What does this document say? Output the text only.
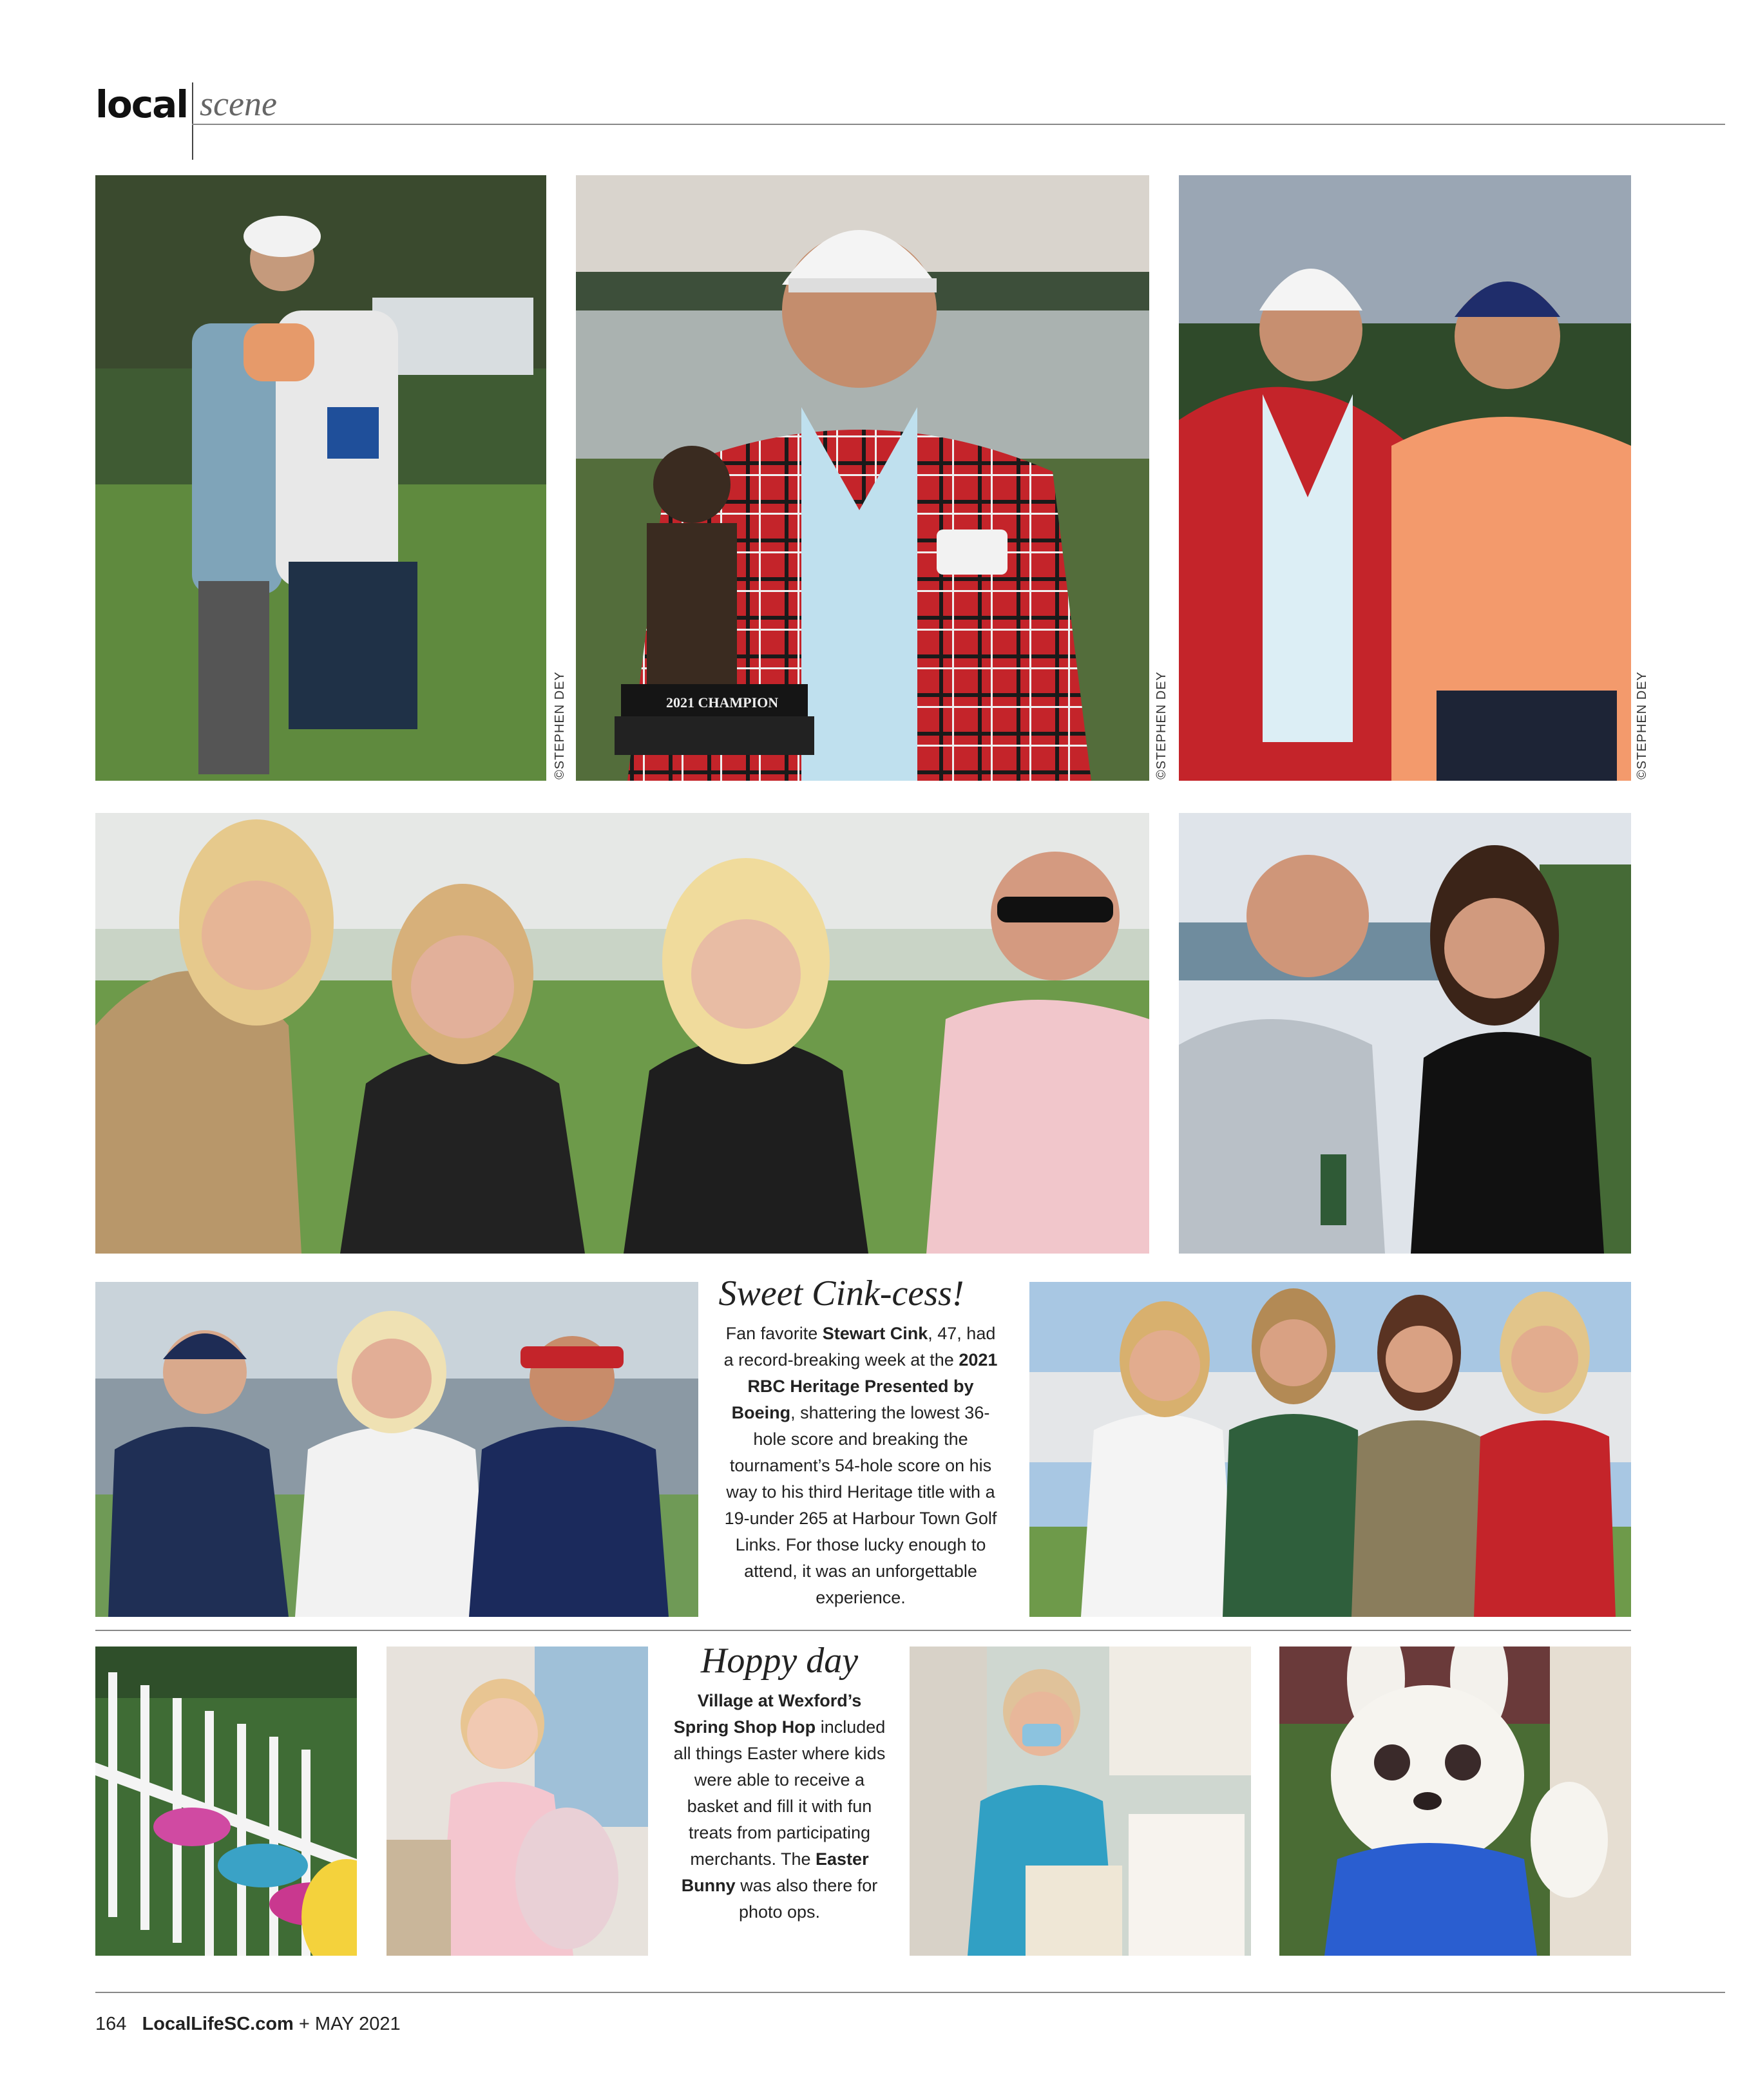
local scene
©STEPHEN DEY	2021 CHAMPION	©STEPHEN DEY	©STEPHEN DEY
Sweet Cink-cess!
Fan favorite Stewart Cink, 47, had a record-breaking week at the 2021 RBC Heritage Presented by Boeing, shattering the lowest 36-hole score and breaking the tournament’s 54-hole score on his way to his third Heritage title with a 19-under 265 at Harbour Town Golf Links. For those lucky enough to attend, it was an unforgettable experience.
Hoppy day
Village at Wexford’s Spring Shop Hop included all things Easter where kids were able to receive a basket and fill it with fun treats from participating merchants. The Easter Bunny was also there for photo ops.
164 LocalLifeSC.com + MAY 2021
